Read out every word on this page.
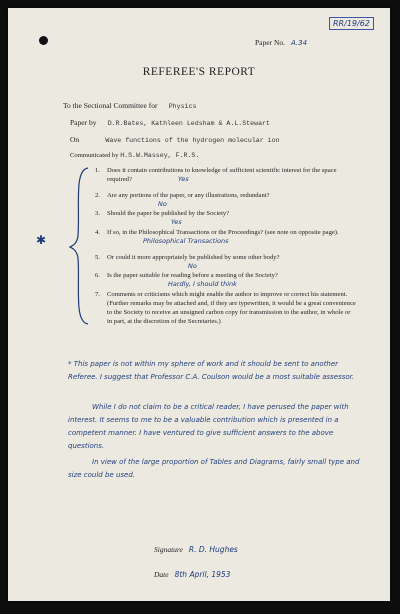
RR/19/62
Paper No. A.34
REFEREE'S REPORT
To the Sectional Committee for Physics
Paper by D.R.Bates, Kathleen Ledsham & A.L.Stewart
On	Wave functions of the hydrogen molecular ion
Communicated by H.S.W.Massey, F.R.S.
✱
1. Does it contain contributions to knowledge of sufficient scientific interest for the space required?	Yes
2. Are any portions of the paper, or any illustrations, redundant?
No
3. Should the paper be published by the Society?
Yes
4. If so, in the Philosophical Transactions or the Proceedings? (see note on opposite page).
Philosophical Transactions
5. Or could it more appropriately be published by some other body?
No
6. Is the paper suitable for reading before a meeting of the Society?
Hardly, I should think
7. Comments or criticisms which might enable the author to improve or correct his statement. (Further remarks may be attached and, if they are typewritten, it would be a great convenience to the Society to receive an unsigned carbon copy for transmission to the author, in whole or in part, at the discretion of the Secretaries.)
* This paper is not within my sphere of work and it should be sent to another Referee. I suggest that Professor C.A. Coulson would be a most suitable assessor.
While I do not claim to be a critical reader, I have perused the paper with interest. It seems to me to be a valuable contribution which is presented in a competent manner. I have ventured to give sufficient answers to the above questions.
In view of the large proportion of Tables and Diagrams, fairly small type and size could be used.
Signature R. D. Hughes
Date 8th April, 1953
